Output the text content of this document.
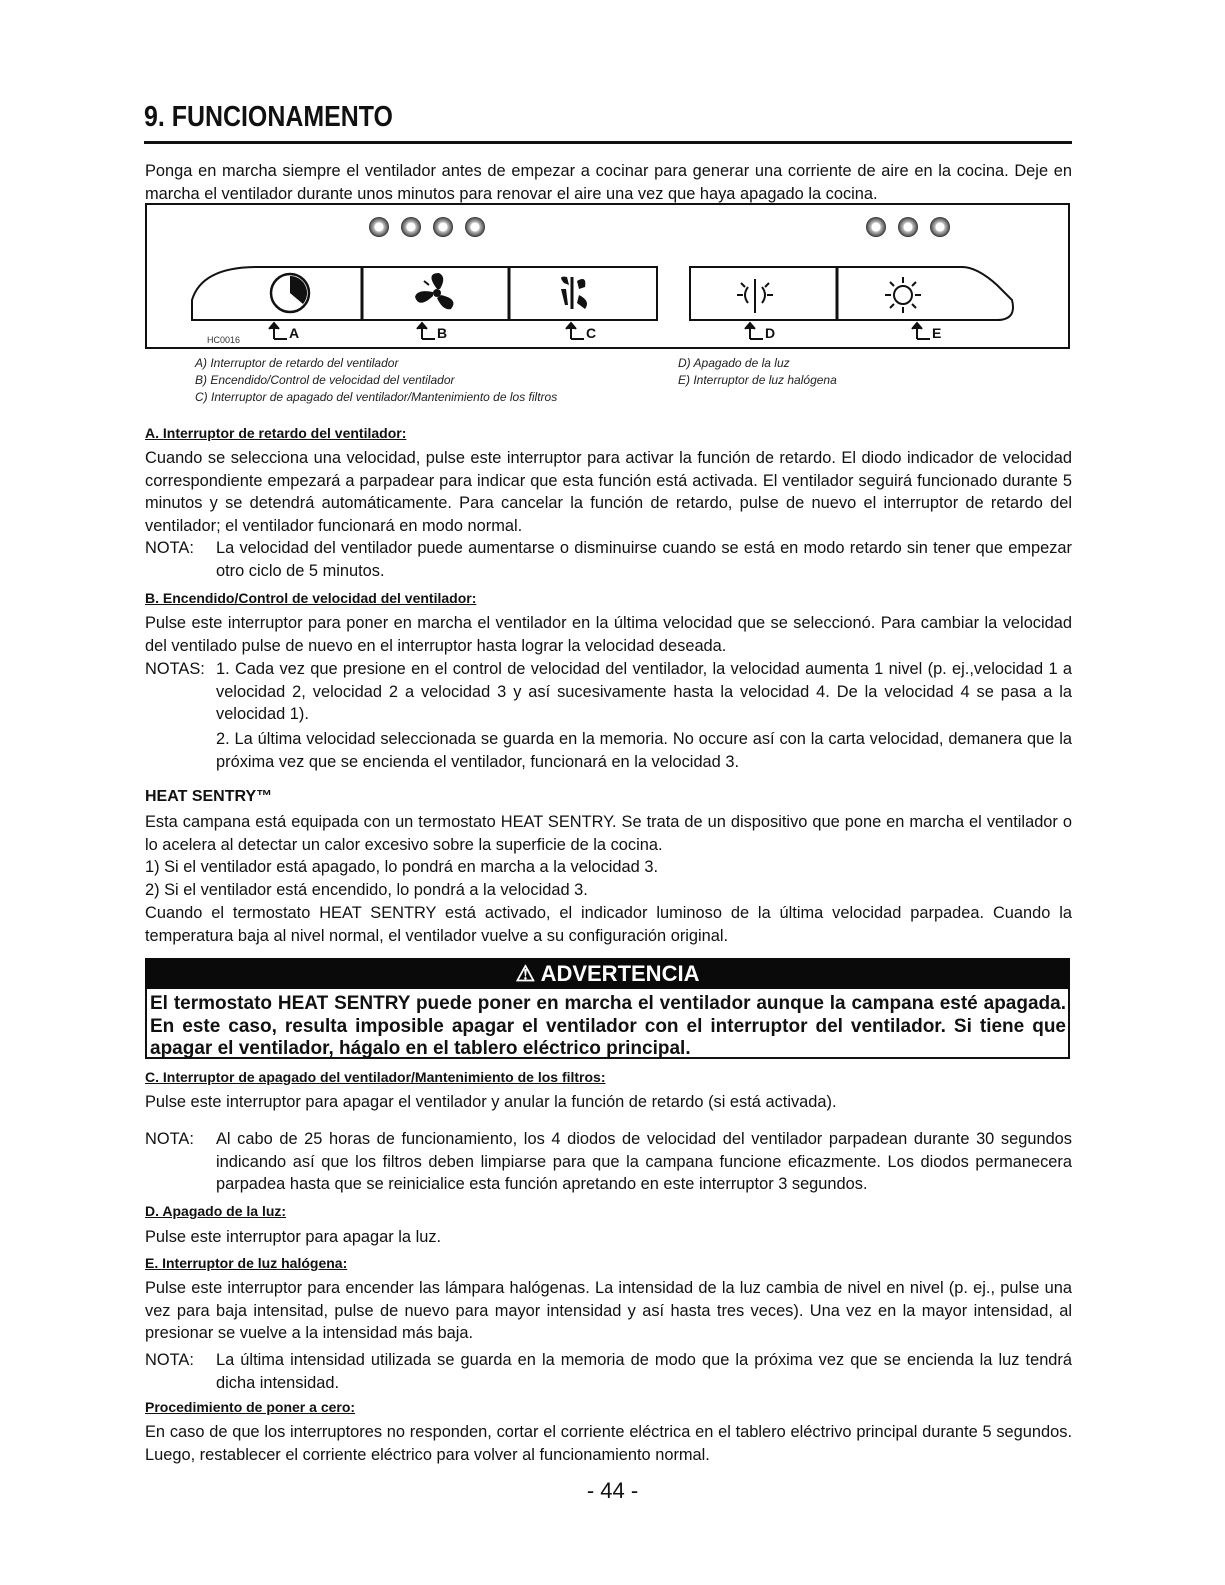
9. FUNCIONAMENTO

Ponga en marcha siempre el ventilador antes de empezar a cocinar para generar una corriente de aire en la cocina. Deje en marcha el ventilador durante unos minutos para renovar el aire una vez que haya apagado la cocina.

HC0016	A	B	C	D	E
A) Interruptor de retardo del ventilador
B) Encendido/Control de velocidad del ventilador
C) Interruptor de apagado del ventilador/Mantenimiento de los filtros
D) Apagado de la luz
E) Interruptor de luz halógena
A. Interruptor de retardo del ventilador:

Cuando se selecciona una velocidad, pulse este interruptor para activar la función de retardo. El diodo indicador de velocidad correspondiente empezará a parpadear para indicar que esta función está activada. El ventilador seguirá funcionado durante 5 minutos y se detendrá automáticamente. Para cancelar la función de retardo, pulse de nuevo el interruptor de retardo del ventilador; el ventilador funcionará en modo normal.

NOTA: La velocidad del ventilador puede aumentarse o disminuirse cuando se está en modo retardo sin tener que empezar otro ciclo de 5 minutos.
B. Encendido/Control de velocidad del ventilador:

Pulse este interruptor para poner en marcha el ventilador en la última velocidad que se seleccionó. Para cambiar la velocidad del ventilado pulse de nuevo en el interruptor hasta lograr la velocidad deseada.

NOTAS: 1. Cada vez que presione en el control de velocidad del ventilador, la velocidad aumenta 1 nivel (p. ej.,velocidad 1 a velocidad 2, velocidad 2 a velocidad 3 y así sucesivamente hasta la velocidad 4. De la velocidad 4 se pasa a la velocidad 1).
2. La última velocidad seleccionada se guarda en la memoria. No occure así con la carta velocidad, demanera que la próxima vez que se encienda el ventilador, funcionará en la velocidad 3.
HEAT SENTRY™

Esta campana está equipada con un termostato HEAT SENTRY. Se trata de un dispositivo que pone en marcha el ventilador o lo acelera al detectar un calor excesivo sobre la superficie de la cocina.

1) Si el ventilador está apagado, lo pondrá en marcha a la velocidad 3.

2) Si el ventilador está encendido, lo pondrá a la velocidad 3.

Cuando el termostato HEAT SENTRY está activado, el indicador luminoso de la última velocidad parpadea. Cuando la temperatura baja al nivel normal, el ventilador vuelve a su configuración original.

⚠ ADVERTENCIA
El termostato HEAT SENTRY puede poner en marcha el ventilador aunque la campana esté apagada. En este caso, resulta imposible apagar el ventilador con el interruptor del ventilador. Si tiene que apagar el ventilador, hágalo en el tablero eléctrico principal.
C. Interruptor de apagado del ventilador/Mantenimiento de los filtros:

Pulse este interruptor para apagar el ventilador y anular la función de retardo (si está activada).

NOTA: Al cabo de 25 horas de funcionamiento, los 4 diodos de velocidad del ventilador parpadean durante 30 segundos indicando así que los filtros deben limpiarse para que la campana funcione eficazmente. Los diodos permanecera parpadea hasta que se reinicialice esta función apretando en este interruptor 3 segundos.
D. Apagado de la luz:

Pulse este interruptor para apagar la luz.

E. Interruptor de luz halógena:

Pulse este interruptor para encender las lámpara halógenas. La intensidad de la luz cambia de nivel en nivel (p. ej., pulse una vez para baja intensitad, pulse de nuevo para mayor intensidad y así hasta tres veces). Una vez en la mayor intensidad, al presionar se vuelve a la intensidad más baja.

NOTA: La última intensidad utilizada se guarda en la memoria de modo que la próxima vez que se encienda la luz tendrá dicha intensidad.
Procedimiento de poner a cero:

En caso de que los interruptores no responden, cortar el corriente eléctrica en el tablero eléctrivo principal durante 5 segundos. Luego, restablecer el corriente eléctrico para volver al funcionamiento normal.

- 44 -
